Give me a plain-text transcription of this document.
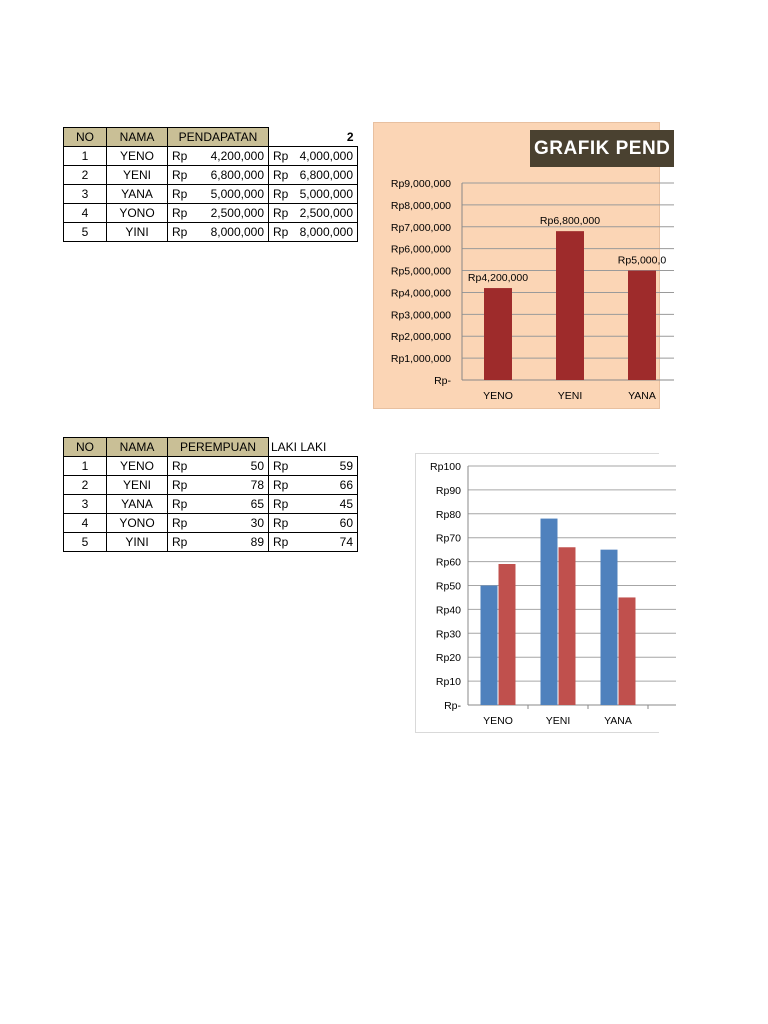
NO	NAMA	PENDAPATAN	2
1	YENO	Rp 4,200,000	Rp 4,000,000

2	YENI	Rp 6,800,000	Rp 6,800,000

3	YANA	Rp 5,000,000	Rp 5,000,000

4	YONO	Rp 2,500,000	Rp 2,500,000

5	YINI	Rp 8,000,000	Rp 8,000,000
NO	NAMA	PEREMPUAN	LAKI LAKI
1	YENO	Rp 50	Rp 59

2	YENI	Rp 78	Rp 66

3	YANA	Rp 65	Rp 45

4	YONO	Rp 30	Rp 60

5	YINI	Rp 89	Rp 74
GRAFIK PEND
Rp-
Rp1,000,000
Rp2,000,000
Rp3,000,000
Rp4,000,000
Rp5,000,000
Rp6,000,000
Rp7,000,000
Rp8,000,000
Rp9,000,000
YENO
Rp4,200,000
YENI
Rp6,800,000
YANA
Rp5,000,0
Rp-
Rp10
Rp20
Rp30
Rp40
Rp50
Rp60
Rp70
Rp80
Rp90
Rp100
YENO	YENI	YANA
